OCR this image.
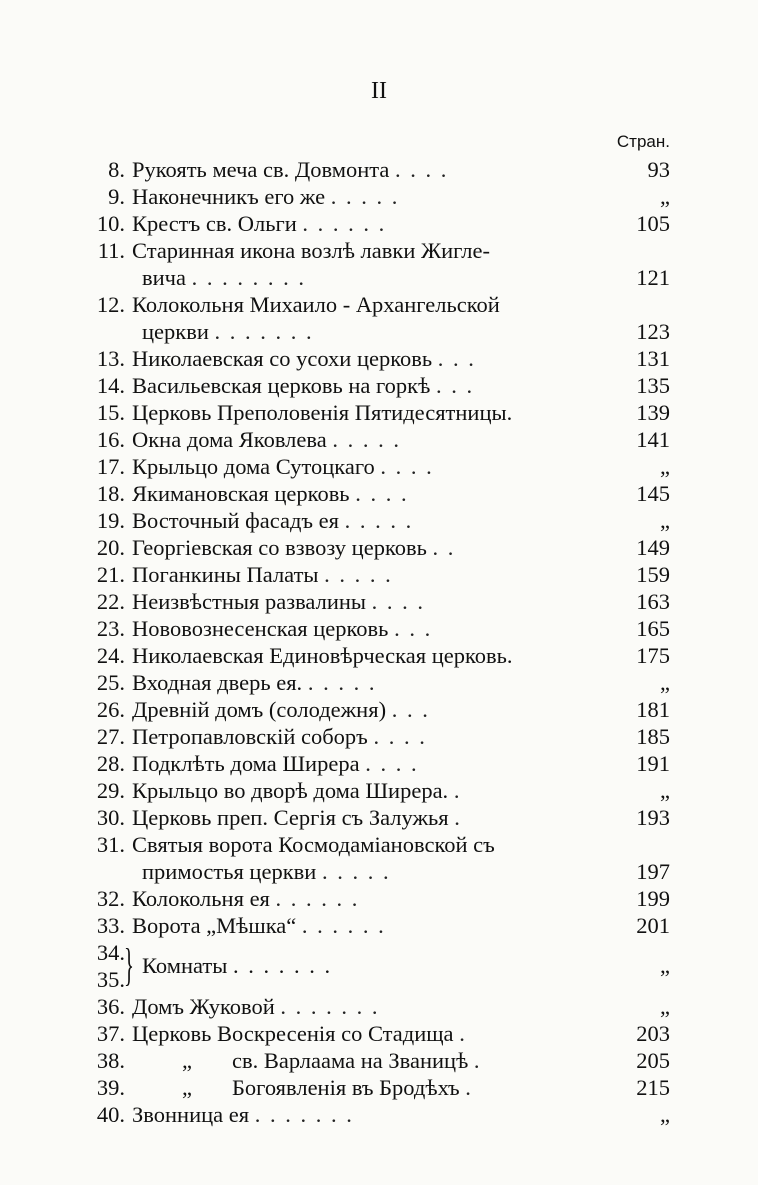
II
Стран.
8. Рукоять меча св. Довмонта . . . .	93
9. Наконечникъ его же . . . . .	„
10. Крестъ св. Ольги . . . . . .	105
11. Старинная икона возлѣ лавки Жигле-
вича . . . . . . . .	121
12. Колокольня Михаило - Архангельской
церкви . . . . . . .	123
13. Николаевская со усохи церковь . . .	131
14. Васильевская церковь на горкѣ . . .	135
15. Церковь Преполовенія Пятидесятницы.	139
16. Окна дома Яковлева . . . . .	141
17. Крыльцо дома Сутоцкаго . . . .	„
18. Якимановская церковь . . . .	145
19. Восточный фасадъ ея . . . . .	„
20. Георгіевская со взвозу церковь . .	149
21. Поганкины Палаты . . . . .	159
22. Неизвѣстныя развалины . . . .	163
23. Нововознесенская церковь . . .	165
24. Николаевская Единовѣрческая церковь.	175
25. Входная дверь ея. . . . . .	„
26. Древній домъ (солодежня) . . .	181
27. Петропавловскій соборъ . . . .	185
28. Подклѣть дома Ширера . . . .	191
29. Крыльцо во дворѣ дома Ширера. .	„
30. Церковь преп. Сергія съ Залужья .	193
31. Святыя ворота Космодаміановской съ
примостья церкви . . . . .	197
32. Колокольня ея . . . . . .	199
33. Ворота „Мѣшка“ . . . . . .	201
34.
35. } Комнаты . . . . . . .	„
36. Домъ Жуковой . . . . . . .	„
37. Церковь Воскресенія со Стадища .	203
38.	„ св. Варлаама на Званицѣ .	205
39.	„ Богоявленія въ Бродѣхъ .	215
40. Звонница ея . . . . . . .	„
